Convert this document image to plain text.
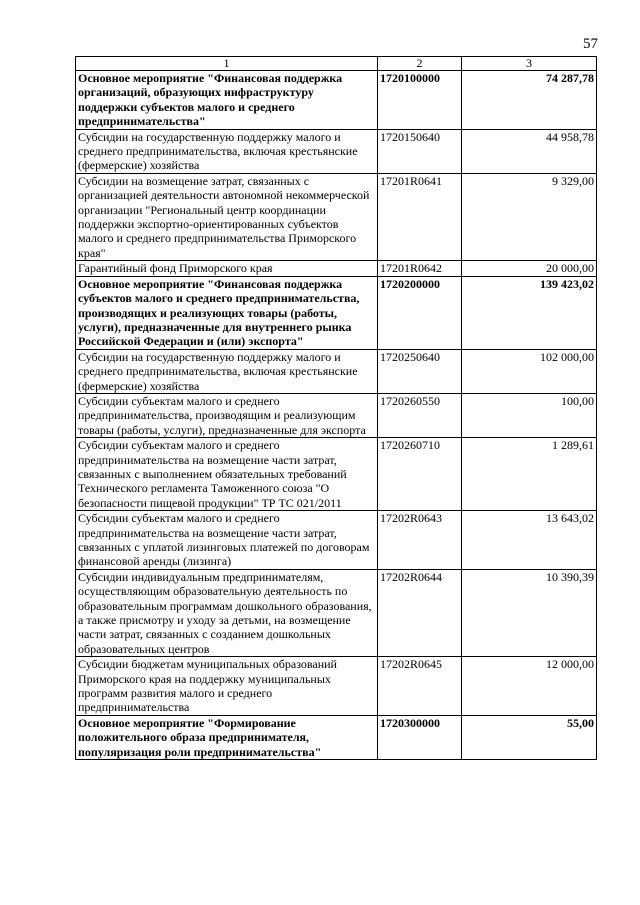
57
1	2	3
Основное мероприятие "Финансовая поддержка организаций, образующих инфраструктуру поддержки субъектов малого и среднего предпринимательства"	1720100000	74 287,78
Субсидии на государственную поддержку малого и среднего предпринимательства, включая крестьянские (фермерские) хозяйства	1720150640	44 958,78
Субсидии на возмещение затрат, связанных с организацией деятельности автономной некоммерческой организации "Региональный центр координации поддержки экспортно-ориентированных субъектов малого и среднего предпринимательства Приморского края"	17201R0641	9 329,00
Гарантийный фонд Приморского края	17201R0642	20 000,00
Основное мероприятие "Финансовая поддержка субъектов малого и среднего предпринимательства, производящих и реализующих товары (работы, услуги), предназначенные для внутреннего рынка Российской Федерации и (или) экспорта"	1720200000	139 423,02
Субсидии на государственную поддержку малого и среднего предпринимательства, включая крестьянские (фермерские) хозяйства	1720250640	102 000,00
Субсидии субъектам малого и среднего предпринимательства, производящим и реализующим товары (работы, услуги), предназначенные для экспорта	1720260550	100,00
Субсидии субъектам малого и среднего предпринимательства на возмещение части затрат, связанных с выполнением обязательных требований Технического регламента Таможенного союза "О безопасности пищевой продукции" ТР ТС 021/2011	1720260710	1 289,61
Субсидии субъектам малого и среднего предпринимательства на возмещение части затрат, связанных с уплатой лизинговых платежей по договорам финансовой аренды (лизинга)	17202R0643	13 643,02
Субсидии индивидуальным предпринимателям, осуществляющим образовательную деятельность по образовательным программам дошкольного образования, а также присмотру и уходу за детьми, на возмещение части затрат, связанных с созданием дошкольных образовательных центров	17202R0644	10 390,39
Субсидии бюджетам муниципальных образований Приморского края на поддержку муниципальных программ развития малого и среднего предпринимательства	17202R0645	12 000,00
Основное мероприятие "Формирование положительного образа предпринимателя, популяризация роли предпринимательства"	1720300000	55,00
